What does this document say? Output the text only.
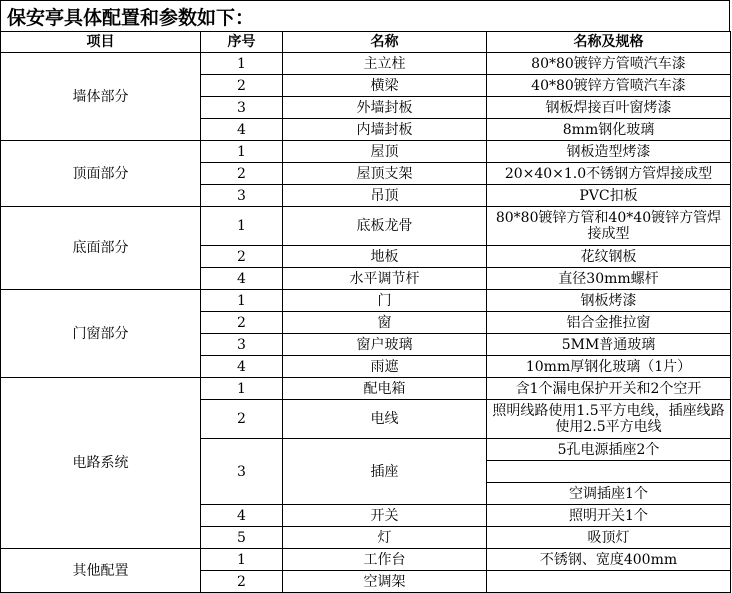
保安亭具体配置和参数如下：
项目	序号	名称	名称及规格
墙体部分	1	主立柱	80*80镀锌方管喷汽车漆
	2	横梁	40*80镀锌方管喷汽车漆
	3	外墙封板	钢板焊接百叶窗烤漆
	4	内墙封板	8mm钢化玻璃
顶面部分	1	屋顶	钢板造型烤漆
	2	屋顶支架	20×40×1.0不锈钢方管焊接成型
	3	吊顶	PVC扣板
底面部分	1	底板龙骨	80*80镀锌方管和40*40镀锌方管焊接成型
	2	地板	花纹钢板
	4	水平调节杆	直径30mm螺杆
门窗部分	1	门	钢板烤漆
	2	窗	铝合金推拉窗
	3	窗户玻璃	5MM普通玻璃
	4	雨遮	10mm厚钢化玻璃（1片）
电路系统	1	配电箱	含1个漏电保护开关和2个空开
	2	电线	照明线路使用1.5平方电线，插座线路使用2.5平方电线
	3	插座	5孔电源插座2个

			空调插座1个
	4	开关	照明开关1个
	5	灯	吸顶灯
其他配置	1	工作台	不锈钢、宽度400mm
	2	空调架	
